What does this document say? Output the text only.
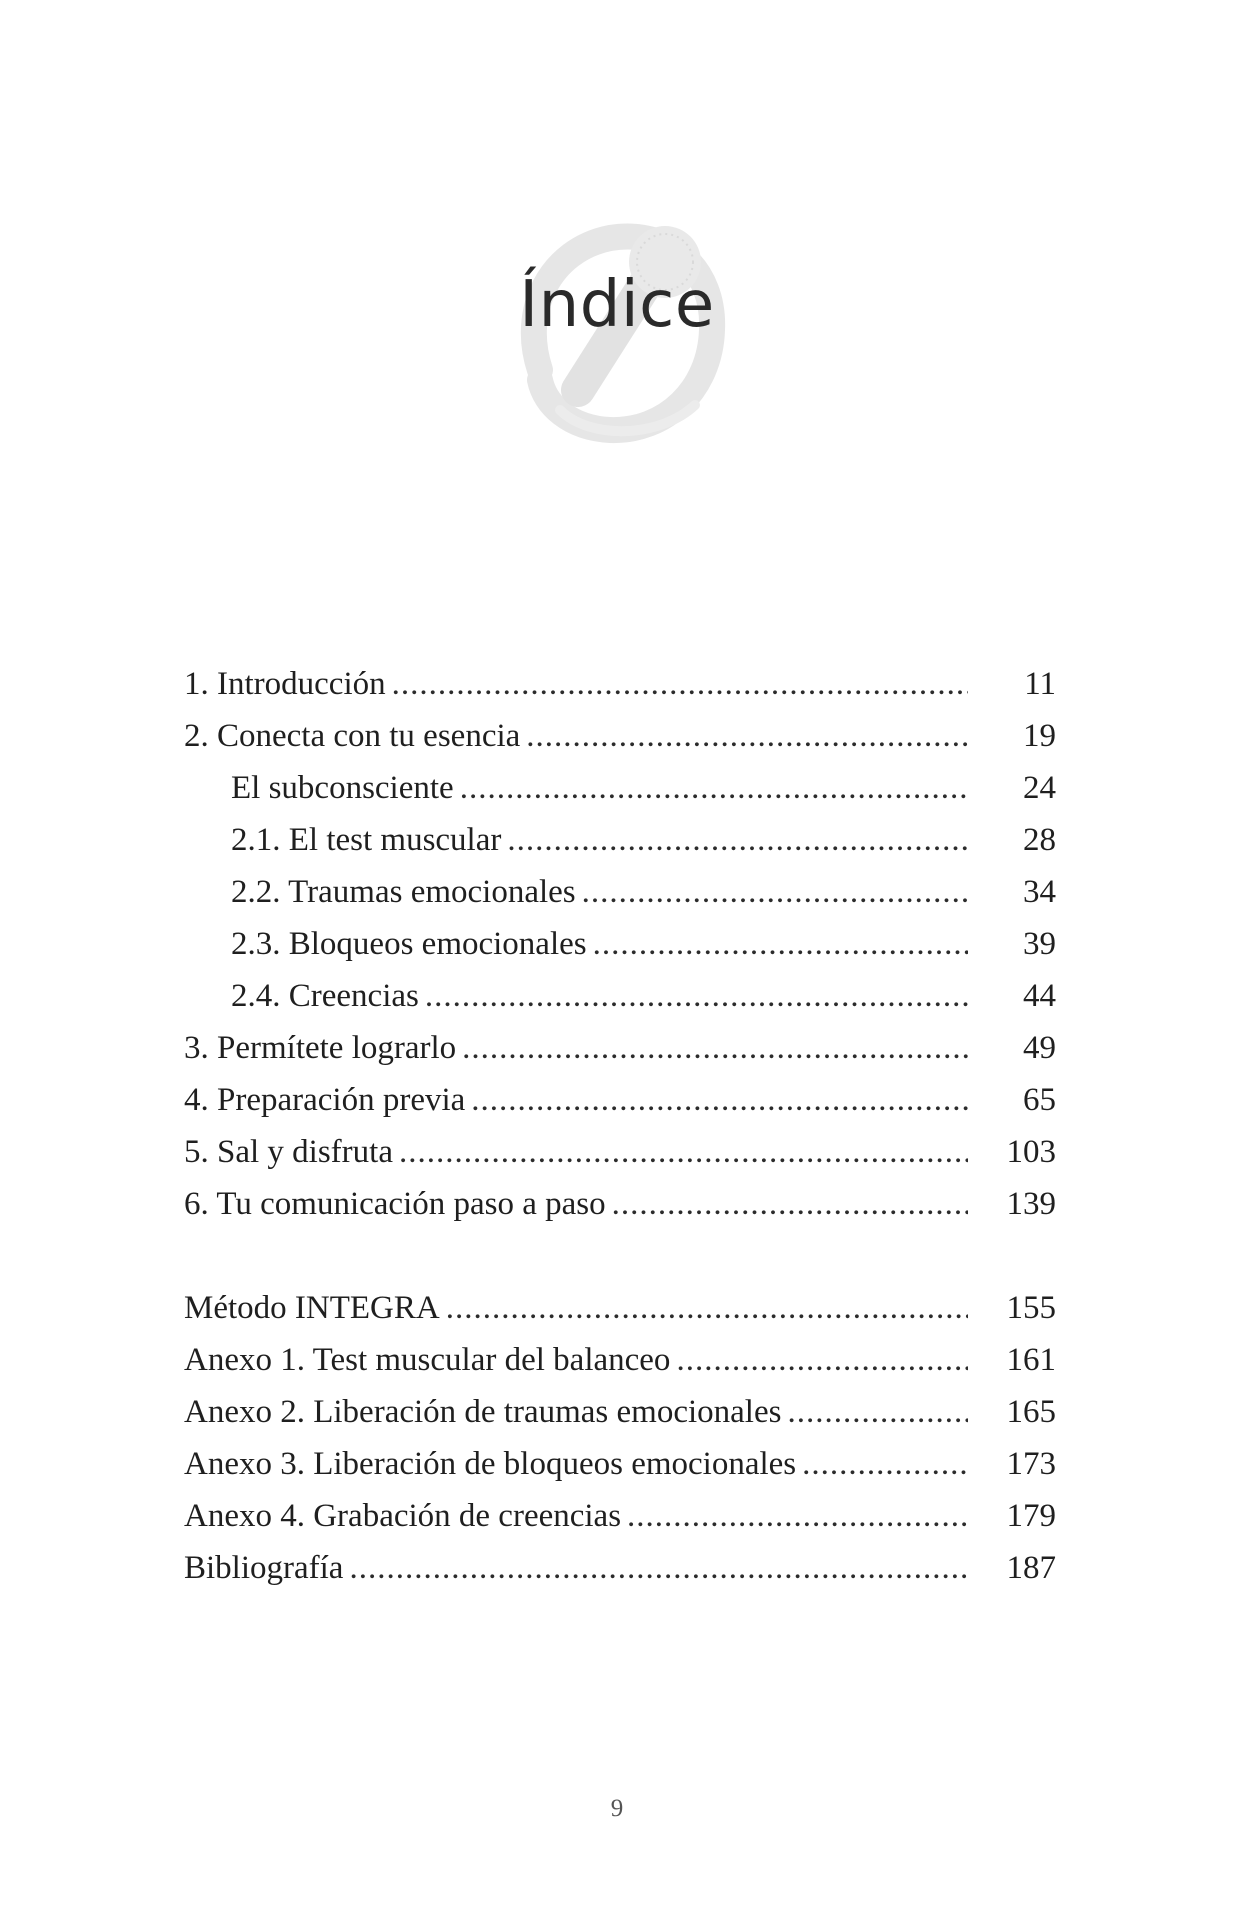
Índice
1. Introducción .....	11
2. Conecta con tu esencia .....	19
El subconsciente .....	24
2.1. El test muscular .....	28
2.2. Traumas emocionales .....	34
2.3. Bloqueos emocionales .....	39
2.4. Creencias .....	44
3. Permítete lograrlo .....	49
4. Preparación previa .....	65
5. Sal y disfruta .....	103
6. Tu comunicación paso a paso .....	139
Método INTEGRA .....	155
Anexo 1. Test muscular del balanceo .....	161
Anexo 2. Liberación de traumas emocionales .....	165
Anexo 3. Liberación de bloqueos emocionales .....	173
Anexo 4. Grabación de creencias .....	179
Bibliografía .....	187
9
